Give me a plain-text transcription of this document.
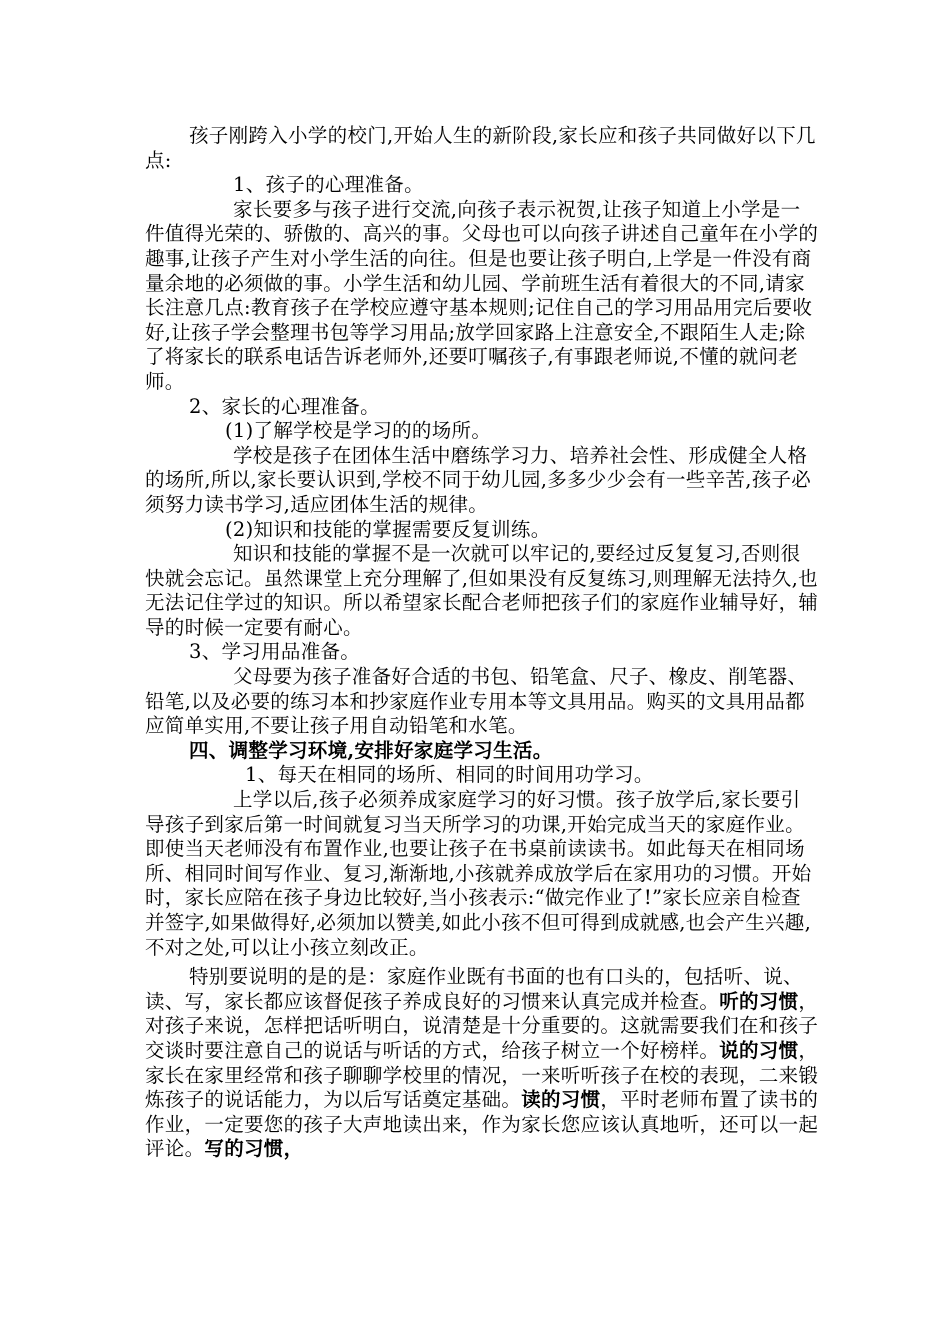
孩子刚跨入小学的校门,开始人生的新阶段,家长应和孩子共同做好以下几点:

1、孩子的心理准备。

家长要多与孩子进行交流,向孩子表示祝贺,让孩子知道上小学是一件值得光荣的、骄傲的、高兴的事。父母也可以向孩子讲述自己童年在小学的趣事,让孩子产生对小学生活的向往。但是也要让孩子明白,上学是一件没有商量余地的必须做的事。小学生活和幼儿园、学前班生活有着很大的不同,请家长注意几点:教育孩子在学校应遵守基本规则;记住自己的学习用品用完后要收好,让孩子学会整理书包等学习用品;放学回家路上注意安全,不跟陌生人走;除了将家长的联系电话告诉老师外,还要叮嘱孩子,有事跟老师说,不懂的就问老师。

2、家长的心理准备。

(1)了解学校是学习的的场所。

学校是孩子在团体生活中磨练学习力、培养社会性、形成健全人格的场所,所以,家长要认识到,学校不同于幼儿园,多多少少会有一些辛苦,孩子必须努力读书学习,适应团体生活的规律。

(2)知识和技能的掌握需要反复训练。

知识和技能的掌握不是一次就可以牢记的,要经过反复复习,否则很快就会忘记。虽然课堂上充分理解了,但如果没有反复练习,则理解无法持久,也无法记住学过的知识。所以希望家长配合老师把孩子们的家庭作业辅导好，辅导的时候一定要有耐心。

3、学习用品准备。

父母要为孩子准备好合适的书包、铅笔盒、尺子、橡皮、削笔器、铅笔,以及必要的练习本和抄家庭作业专用本等文具用品。购买的文具用品都应简单实用,不要让孩子用自动铅笔和水笔。

四、调整学习环境,安排好家庭学习生活。

1、每天在相同的场所、相同的时间用功学习。

上学以后,孩子必须养成家庭学习的好习惯。孩子放学后,家长要引导孩子到家后第一时间就复习当天所学习的功课,开始完成当天的家庭作业。即使当天老师没有布置作业,也要让孩子在书桌前读读书。如此每天在相同场所、相同时间写作业、复习,渐渐地,小孩就养成放学后在家用功的习惯。开始时，家长应陪在孩子身边比较好,当小孩表示:“做完作业了!”家长应亲自检查并签字,如果做得好,必须加以赞美,如此小孩不但可得到成就感,也会产生兴趣,不对之处,可以让小孩立刻改正。

特别要说明的是的是：家庭作业既有书面的也有口头的，包括听、说、读、写，家长都应该督促孩子养成良好的习惯来认真完成并检查。听的习惯，对孩子来说，怎样把话听明白，说清楚是十分重要的。这就需要我们在和孩子交谈时要注意自己的说话与听话的方式，给孩子树立一个好榜样。说的习惯，家长在家里经常和孩子聊聊学校里的情况，一来听听孩子在校的表现，二来锻炼孩子的说话能力，为以后写话奠定基础。读的习惯，平时老师布置了读书的作业，一定要您的孩子大声地读出来，作为家长您应该认真地听，还可以一起评论。写的习惯，
